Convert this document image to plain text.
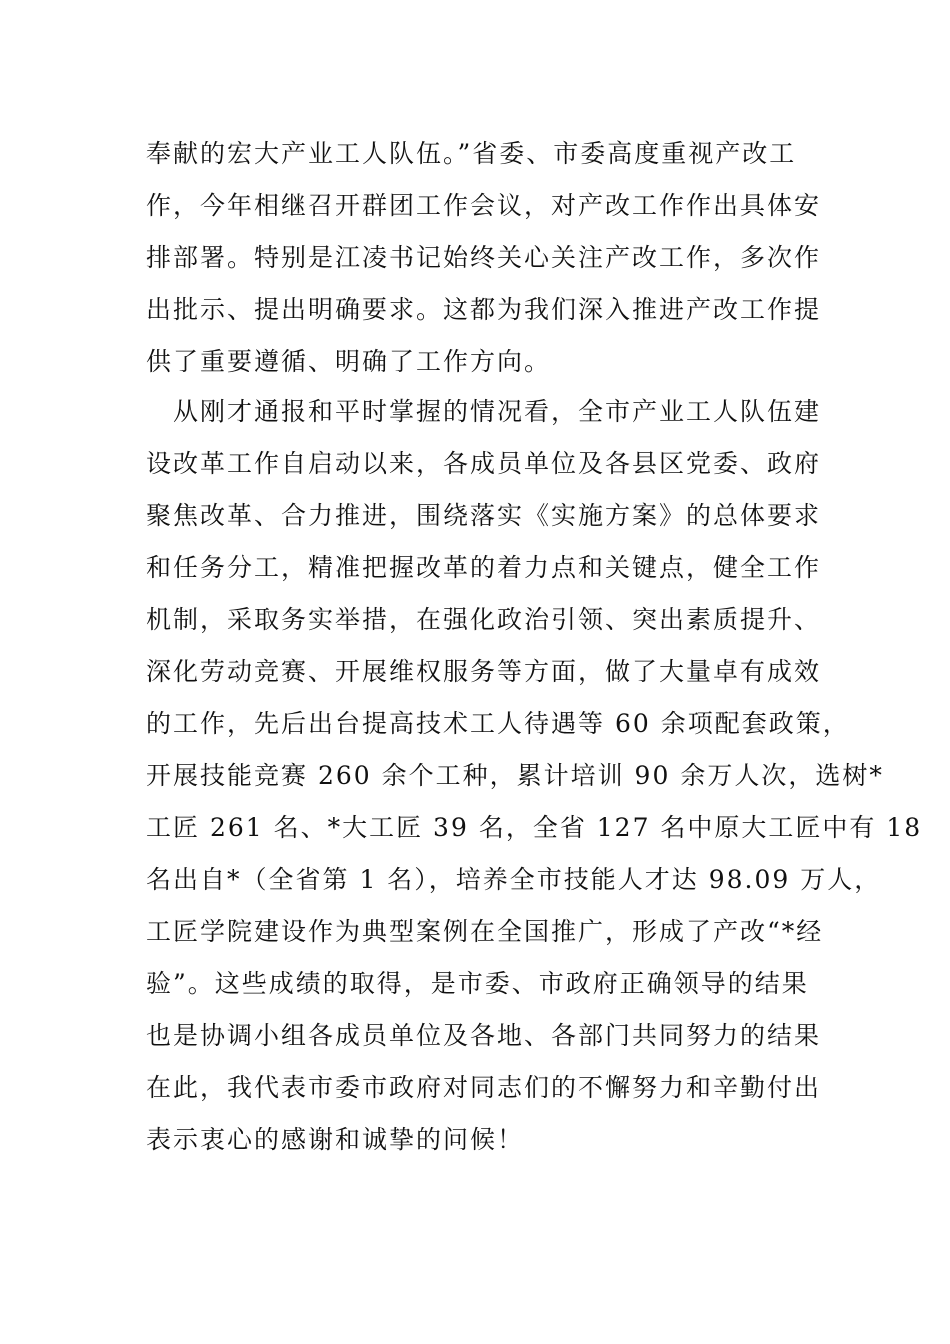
奉献的宏大产业工人队伍。”省委、市委高度重视产改工
作，今年相继召开群团工作会议，对产改工作作出具体安
排部署。特别是江凌书记始终关心关注产改工作，多次作
出批示、提出明确要求。这都为我们深入推进产改工作提
供了重要遵循、明确了工作方向。
　从刚才通报和平时掌握的情况看，全市产业工人队伍建
设改革工作自启动以来，各成员单位及各县区党委、政府
聚焦改革、合力推进，围绕落实《实施方案》的总体要求
和任务分工，精准把握改革的着力点和关键点，健全工作
机制，采取务实举措，在强化政治引领、突出素质提升、
深化劳动竞赛、开展维权服务等方面，做了大量卓有成效
的工作，先后出台提高技术工人待遇等 60 余项配套政策，
开展技能竞赛 260 余个工种，累计培训 90 余万人次，选树*
工匠 261 名、*大工匠 39 名，全省 127 名中原大工匠中有 18
名出自*（全省第 1 名），培养全市技能人才达 98.09 万人，
工匠学院建设作为典型案例在全国推广，形成了产改“*经
验”。这些成绩的取得，是市委、市政府正确领导的结果
也是协调小组各成员单位及各地、各部门共同努力的结果
在此，我代表市委市政府对同志们的不懈努力和辛勤付出
表示衷心的感谢和诚挚的问候！
